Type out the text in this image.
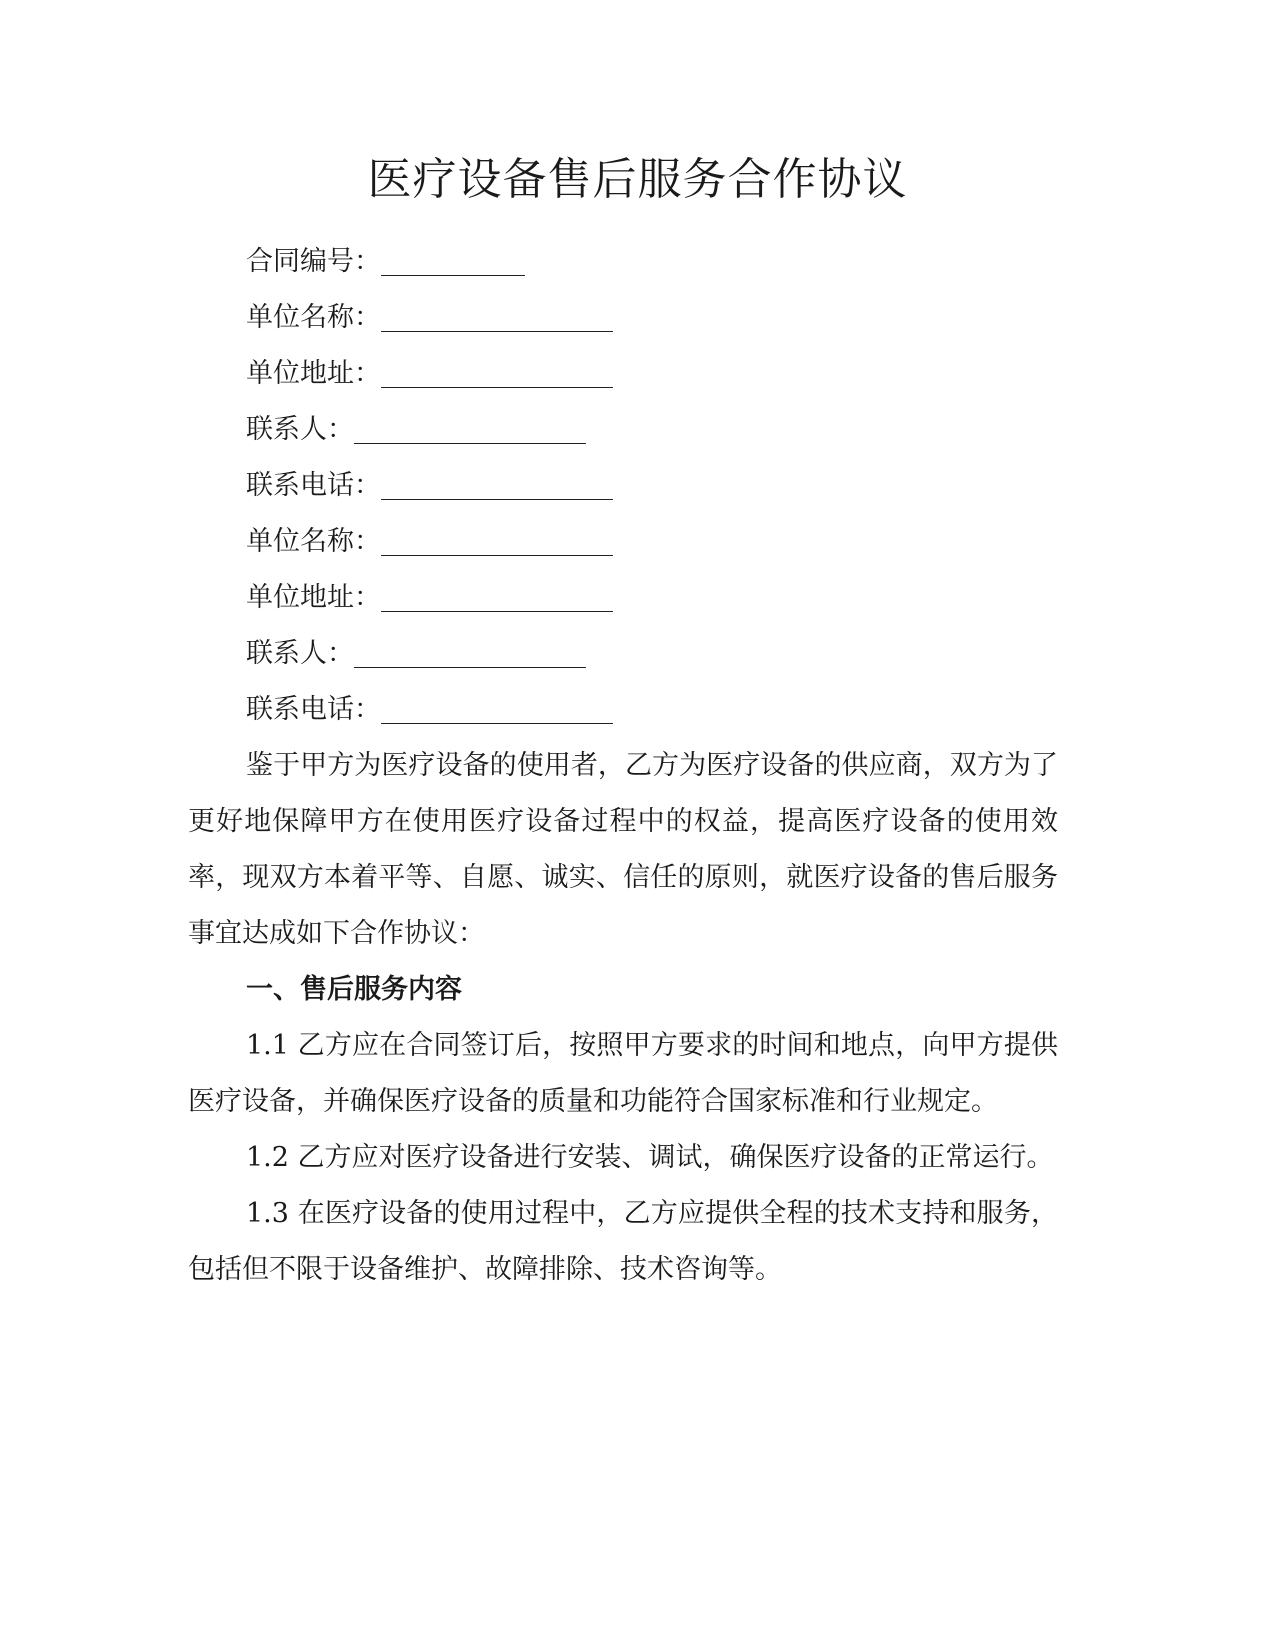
医疗设备售后服务合作协议
合同编号：
单位名称：
单位地址：
联系人：
联系电话：
单位名称：
单位地址：
联系人：
联系电话：

鉴于甲方为医疗设备的使用者，乙方为医疗设备的供应商，双方为了更好地保障甲方在使用医疗设备过程中的权益，提高医疗设备的使用效率，现双方本着平等、自愿、诚实、信任的原则，就医疗设备的售后服务事宜达成如下合作协议：

一、售后服务内容

1.1 乙方应在合同签订后，按照甲方要求的时间和地点，向甲方提供医疗设备，并确保医疗设备的质量和功能符合国家标准和行业规定。

1.2 乙方应对医疗设备进行安装、调试，确保医疗设备的正常运行。

1.3 在医疗设备的使用过程中，乙方应提供全程的技术支持和服务，包括但不限于设备维护、故障排除、技术咨询等。
